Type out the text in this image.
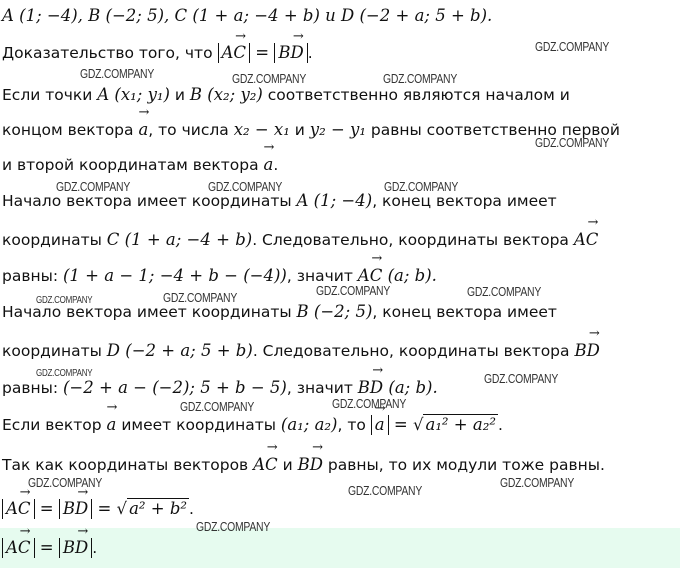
A (1; −4), B (−2; 5), C (1 + a; −4 + b) и D (−2 + a; 5 + b).
Доказательство того, что → AC = → BD .
Если точки A (x₁; y₁) и B (x₂; y₂) соответственно являются началом и
концом вектора → a, то числа x₂ − x₁ и y₂ − y₁ равны соответственно первой
и второй координатам вектора → a.
Начало вектора имеет координаты A (1; −4), конец вектора имеет
координаты C (1 + a; −4 + b). Следовательно, координаты вектора → AC
равны: (1 + a − 1; −4 + b − (−4)), значит → AC (a; b).
Начало вектора имеет координаты B (−2; 5), конец вектора имеет
координаты D (−2 + a; 5 + b). Следовательно, координаты вектора → BD
равны: (−2 + a − (−2); 5 + b − 5), значит → BD (a; b).
Если вектор → a имеет координаты (a₁; a₂), то → a = √ a₁² + a₂² .
Так как координаты векторов → AC и → BD равны, то их модули тоже равны.
→ AC = → BD = √ a² + b² .
→ AC = → BD .
GDZ.COMPANY
GDZ.COMPANY	GDZ.COMPANY	GDZ.COMPANY
GDZ.COMPANY
GDZ.COMPANY	GDZ.COMPANY	GDZ.COMPANY
GDZ.COMPANY	GDZ.COMPANY
GDZ.COMPANY	GDZ.COMPANY
GDZ.COMPANY	GDZ.COMPANY
GDZ.COMPANY
GDZ.COMPANY
GDZ.COMPANY	GDZ.COMPANY
GDZ.COMPANY
GDZ.COMPANY
